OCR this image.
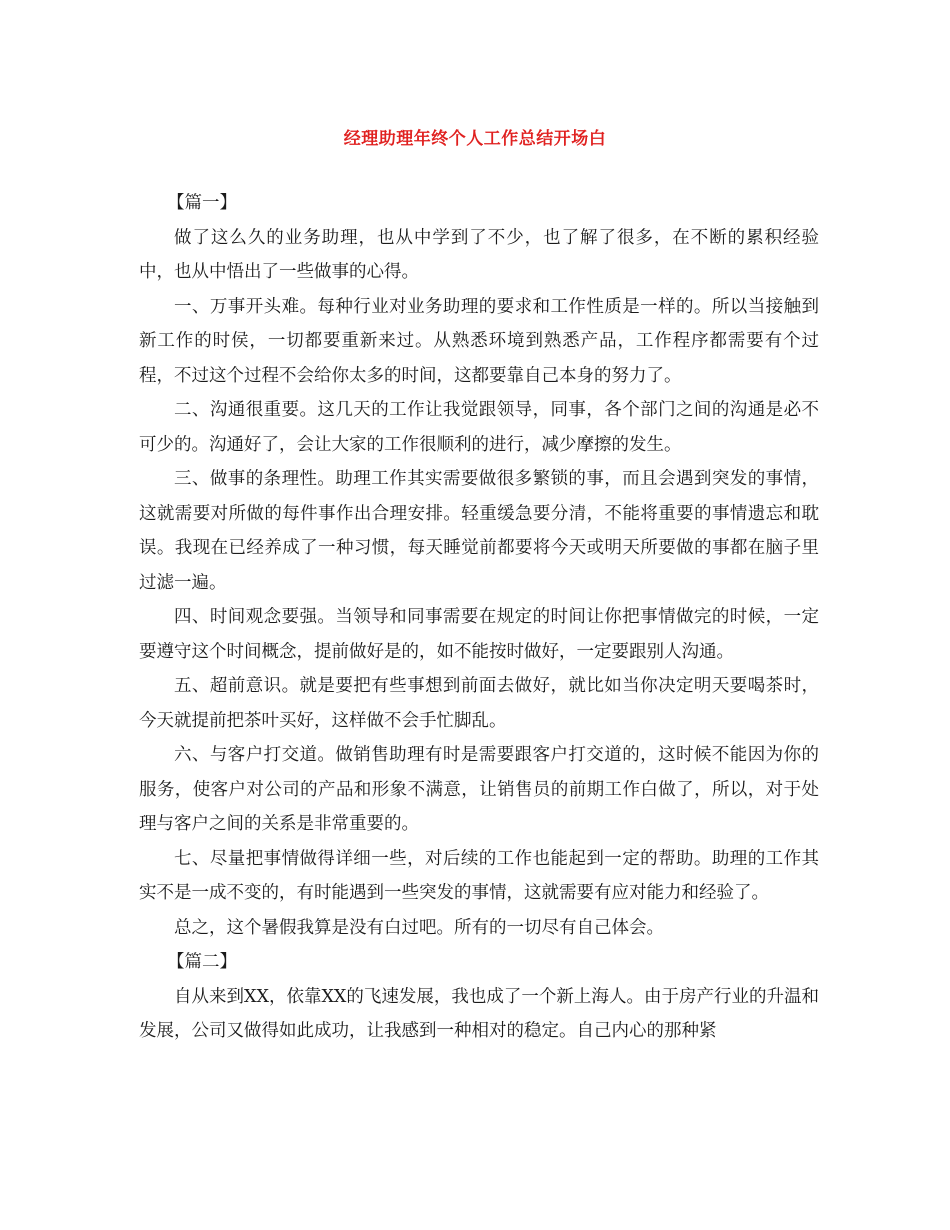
经理助理年终个人工作总结开场白

【篇一】

做了这么久的业务助理，也从中学到了不少，也了解了很多，在不断的累积经验中，也从中悟出了一些做事的心得。

一、万事开头难。每种行业对业务助理的要求和工作性质是一样的。所以当接触到新工作的时侯，一切都要重新来过。从熟悉环境到熟悉产品，工作程序都需要有个过程，不过这个过程不会给你太多的时间，这都要靠自己本身的努力了。

二、沟通很重要。这几天的工作让我觉跟领导，同事，各个部门之间的沟通是必不可少的。沟通好了，会让大家的工作很顺利的进行，减少摩擦的发生。

三、做事的条理性。助理工作其实需要做很多繁锁的事，而且会遇到突发的事情，这就需要对所做的每件事作出合理安排。轻重缓急要分清，不能将重要的事情遗忘和耽误。我现在已经养成了一种习惯，每天睡觉前都要将今天或明天所要做的事都在脑子里过滤一遍。

四、时间观念要强。当领导和同事需要在规定的时间让你把事情做完的时候，一定要遵守这个时间概念，提前做好是的，如不能按时做好，一定要跟别人沟通。

五、超前意识。就是要把有些事想到前面去做好，就比如当你决定明天要喝茶时，今天就提前把茶叶买好，这样做不会手忙脚乱。

六、与客户打交道。做销售助理有时是需要跟客户打交道的，这时候不能因为你的服务，使客户对公司的产品和形象不满意，让销售员的前期工作白做了，所以，对于处理与客户之间的关系是非常重要的。

七、尽量把事情做得详细一些，对后续的工作也能起到一定的帮助。助理的工作其实不是一成不变的，有时能遇到一些突发的事情，这就需要有应对能力和经验了。

总之，这个暑假我算是没有白过吧。所有的一切尽有自己体会。

【篇二】

自从来到XX，依靠XX的飞速发展，我也成了一个新上海人。由于房产行业的升温和发展，公司又做得如此成功，让我感到一种相对的稳定。自己内心的那种紧
